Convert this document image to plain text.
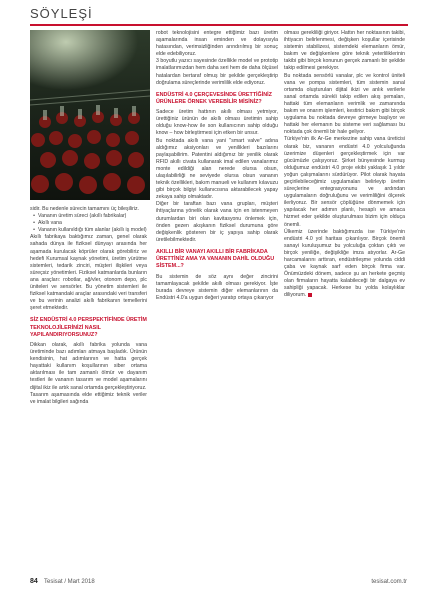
SÖYLEŞİ

sidir. Bu nedenle sürecin tamamını üç bileşiliriz.

• Vananın üretim süreci (akıllı fabrikalar)
• Akıllı vana
• Vananın kullanıldığı tüm alanlar (akıllı iş model)

Akıllı fabrikaya baktığımız zaman, genel olarak sahada dünya ile fiziksel dünyayı arasında her aşamada kurulacak köprüler olarak görebiliriz ve hedefi Kurumsal kaynak yönetimi, üretim yürütme sistemleri, tedarik zinciri, müşteri ilişkileri veya süreçsiz yönetimleri. Fiziksel katmanlarda bunların ana araçları: robotlar, ağ/vler, otonom depo, plc üniteleri ve sensörler. Bu yönetim sistemleri ile fiziksel katmandaki araçlar arasındaki veri transferi ve bu verinin analizi akıllı fabrikanın temellerini şeret etmektedir.

SİZ ENDÜSTRİ 4.0 PERSPEKTİFİNDE ÜRETİM TEKNOLOJİLERİNİZİ NASIL YAPILANDIRIYORSUNUZ?

Dikkan olarak, akıllı fabrika yolunda vana üretiminde bazı adımları atmaya başladık. Ürünün kendisinin, hat adımlarının ve hatta gerçek hayattaki kullanım koşullarının siber ortama aktarılması ile tam zamanlı ölmür ve dayanım testleri ile vananın tasarım ve model aşamalarını dijital ikiz ile artık sanal ortamda gerçekleştiriyoruz.

Tasarım aşamasında elde ettiğimiz teknik veriler ve imalat bilgileri sağında

robot teknolojisini entegre ettiğimiz bazı üretim aşamalarında insan eminden ve dolayısıyla hatasından, verimsizliğinden arındırılmış bir sonuç elde edebiliyoruz.

3 boyutlu yazıcı sayesinde özellikle model ve prototip imalatlarımızdan hem daha seri hem de daha ölçüsel hatalardan bertaraf olmuş bir şekilde gerçekleştirip doğrulama süreçlerinde verimlilik elde ediyoruz.

ENDÜSTRİ 4.0 ÇERÇEVESİNDE ÜRETTİĞİNİZ ÜRÜNLERE ÖRNEK VEREBİLİR MİSİNİZ?

Sadece üretim hattının akıllı olması yetmiyor, ürettiğiniz ürünün de akıllı olması üretimin sahip olduğu know-how ile son kullanıcının sahip olduğu know – how birleştirmesi için etken bir unsur.

Bu noktada akıllı vana yani "smart valve" adına aldığımız aksiyonları ve yenilikleri bazılarını paylaşabilirim. Patentini aldığımız bir yenilik olarak RFID akıllı civata kullanarak imal edilen vanalarımız monte edildiği alan nerede olursa olsun, ulaşılabilirliği ne seviyede olursa olsun vananın teknik özellikleri, bakım manueli ve kullanım kılavuzu gibi birçok bilgiyi kullanıcısına aktarabilecek yapay zekaya sahip olmaktadır.

Diğer bir taraftan bazı vana grupları, müşteri ihtiyaçlarına yönelik olarak vana için en istenmeyen durumlardan biri olan kavitasyonu önlemek için, önden gezen akışkanın fiziksel durumuna göre değişkenlik gösteren bir iç yapıya sahip olarak üretilebilmektedir.

AKILLI BİR VANAYI AKILLI BİR FABRİKADA ÜRETTİNİZ AMA YA VANANIN DAHİL OLDUĞU SİSTEM...?

Bu sistemin de söz aynı değer zincirini tamamlayacak şekilde akıllı olması gerekiyor. İşte burada devreye sistemin diğer elemanlarının da Endüstri 4.0'a uygun değeri yaratıp ortaya çıkarıyor

olması gerekliliği giriyor. Hattın her noktasının takibi, ihtiyacın belirlenmesi, değişken koşullar içerisinde sistemin stabilizesi, sistemdeki elemanların ömür, bakım ve değişkenlere göre teknik yeterliliklerinin takibi gibi birçok konunun gerçek zamanlı bir şekilde takip edilmesi gerekiyor.

Bu noktada sensörlü vanalar, plc ve kontrol üniteli vana ve pompa sistemleri, tüm sistemin sanal ortamda oluşturulan dijital ikizi ve anlık verilerle sanal ortamda sürekli takip edilen akış şemaları, hattaki tüm elemanların verimlik ve zamanında bakım ve onarım işlemleri, kestirici bakım gibi birçok uygulama bu noktada devreye girmeye başlıyor ve hattaki her elemanın bu sisteme veri sağlaması bu noktada çok önemli bir hale geliyor.

Türkiye'nin ilk Ar-Ge merkezine sahip vana üreticisi olarak biz, vananın endüstri 4.0 yolculuğunda üzerimize düşenleri gerçekleştirmek için var gücümüzle çalışıyoruz. Şirket bünyesinde kurmuş olduğumuz endüstri 4.0 proje ekibi yaklaşık 1 yıldır yoğun çalışmalarını sürdürüyor. Pilot olarak hayata geçirilebileceğimiz uygulamaları belirleyip üretim süreçlerine entegrasyonunu ve ardından uygulamaların doğruluğunu ve verimliliğini ölçerek ilerliyoruz. Bir sensör çöplüğüne dönmemek için yapılacak her adımın planlı, hesaplı ve amaca hizmet eder şekilde oluşturulması bizim için olduça önemli.

Ülkemiz üzerinde baktığımızda ise Türkiye'nin endüstri 4.0 yol haritası çıkarılıyor. Birçok önemli sanayi kuruluşumuz bu yolculuğa çoktan çıktı ve birçok yeniliğe, değişikliğe imza atıyorlar. Ar-Ge harcamalarını arttıran, endüstrileşme yolunda ciddi çaba ve kaynak sarf eden birçok firma var. Önümüzdeki dönem, sadece şu an herkete geçmiş olan firmaların hayatta kalabileceği bir dalgaya ev sahipliği yapacak. Herkese bu yolda kolaylıklar diliyorum.

84 Tesisat / Mart 2018	tesisat.com.tr
